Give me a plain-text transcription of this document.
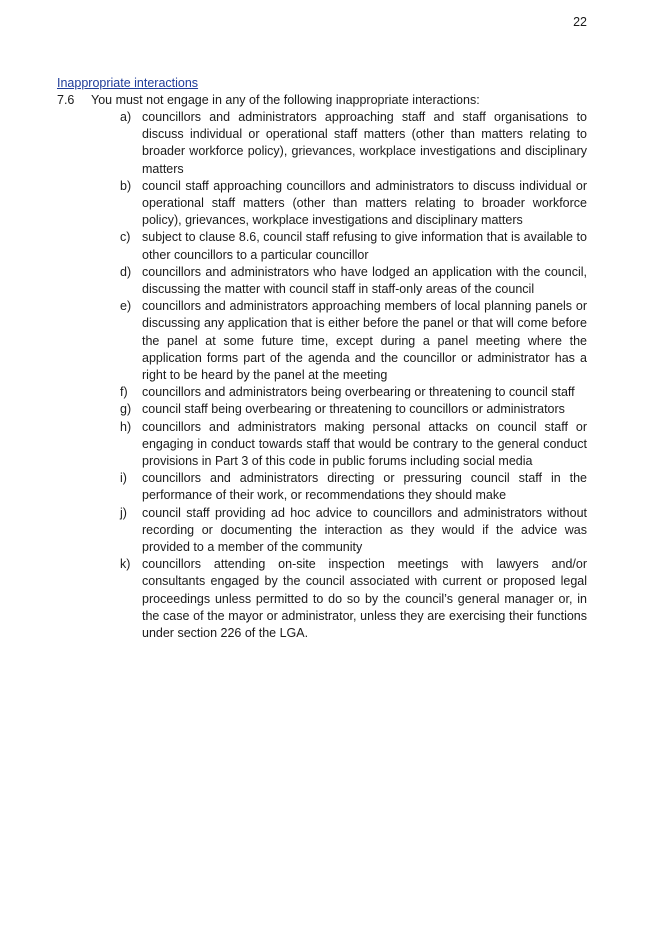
22
Inappropriate interactions
7.6 You must not engage in any of the following inappropriate interactions:
a) councillors and administrators approaching staff and staff organisations to discuss individual or operational staff matters (other than matters relating to broader workforce policy), grievances, workplace investigations and disciplinary matters
b) council staff approaching councillors and administrators to discuss individual or operational staff matters (other than matters relating to broader workforce policy), grievances, workplace investigations and disciplinary matters
c) subject to clause 8.6, council staff refusing to give information that is available to other councillors to a particular councillor
d) councillors and administrators who have lodged an application with the council, discussing the matter with council staff in staff-only areas of the council
e) councillors and administrators approaching members of local planning panels or discussing any application that is either before the panel or that will come before the panel at some future time, except during a panel meeting where the application forms part of the agenda and the councillor or administrator has a right to be heard by the panel at the meeting
f) councillors and administrators being overbearing or threatening to council staff
g) council staff being overbearing or threatening to councillors or administrators
h) councillors and administrators making personal attacks on council staff or engaging in conduct towards staff that would be contrary to the general conduct provisions in Part 3 of this code in public forums including social media
i) councillors and administrators directing or pressuring council staff in the performance of their work, or recommendations they should make
j) council staff providing ad hoc advice to councillors and administrators without recording or documenting the interaction as they would if the advice was provided to a member of the community
k) councillors attending on-site inspection meetings with lawyers and/or consultants engaged by the council associated with current or proposed legal proceedings unless permitted to do so by the council’s general manager or, in the case of the mayor or administrator, unless they are exercising their functions under section 226 of the LGA.
